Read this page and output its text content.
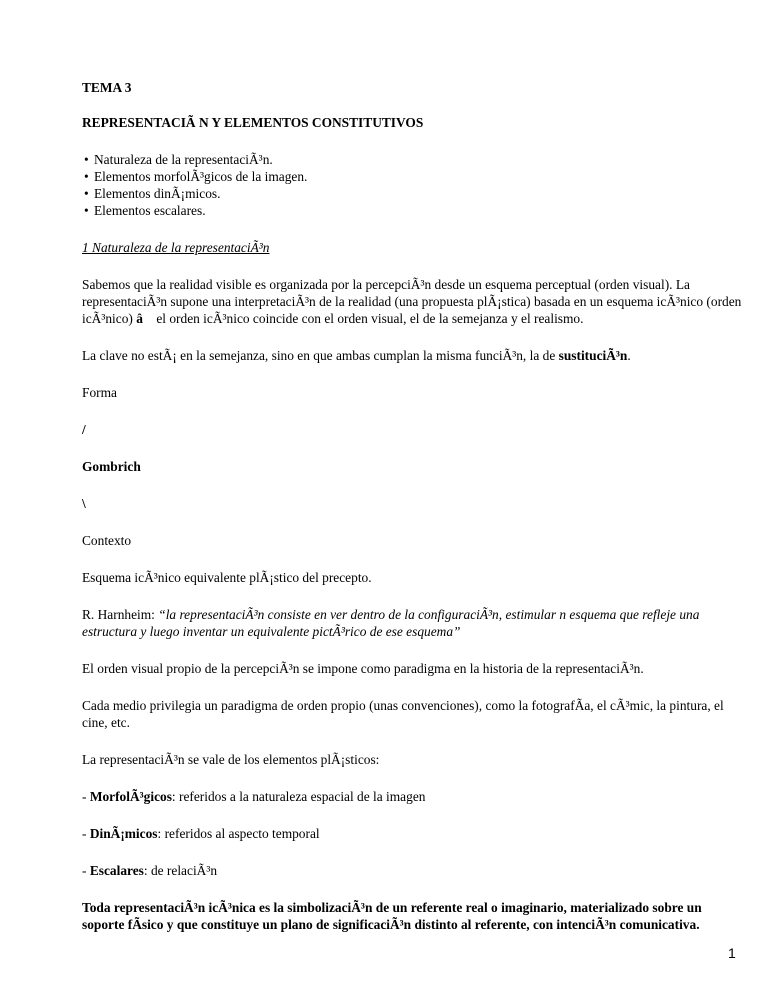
TEMA 3

REPRESENTACIÃ N Y ELEMENTOS CONSTITUTIVOS

• Naturaleza de la representaciÃ³n.
• Elementos morfolÃ³gicos de la imagen.
• Elementos dinÃ¡micos.
• Elementos escalares.

1 Naturaleza de la representaciÃ³n

Sabemos que la realidad visible es organizada por la percepciÃ³n desde un esquema perceptual (orden visual). La representaciÃ³n supone una interpretaciÃ³n de la realidad (una propuesta plÃ¡stica) basada en un esquema icÃ³nico (orden icÃ³nico) â el orden icÃ³nico coincide con el orden visual, el de la semejanza y el realismo.

La clave no estÃ¡ en la semejanza, sino en que ambas cumplan la misma funciÃ³n, la de sustituciÃ³n.

Forma

/

Gombrich

\

Contexto

Esquema icÃ³nico equivalente plÃ¡stico del precepto.

R. Harnheim: “la representaciÃ³n consiste en ver dentro de la configuraciÃ³n, estimular n esquema que refleje una estructura y luego inventar un equivalente pictÃ³rico de ese esquema”

El orden visual propio de la percepciÃ³n se impone como paradigma en la historia de la representaciÃ³n.

Cada medio privilegia un paradigma de orden propio (unas convenciones), como la fotografÃa, el cÃ³mic, la pintura, el cine, etc.

La representaciÃ³n se vale de los elementos plÃ¡sticos:

- MorfolÃ³gicos: referidos a la naturaleza espacial de la imagen

- DinÃ¡micos: referidos al aspecto temporal

- Escalares: de relaciÃ³n

Toda representaciÃ³n icÃ³nica es la simbolizaciÃ³n de un referente real o imaginario, materializado sobre un soporte fÃsico y que constituye un plano de significaciÃ³n distinto al referente, con intenciÃ³n comunicativa.

1
